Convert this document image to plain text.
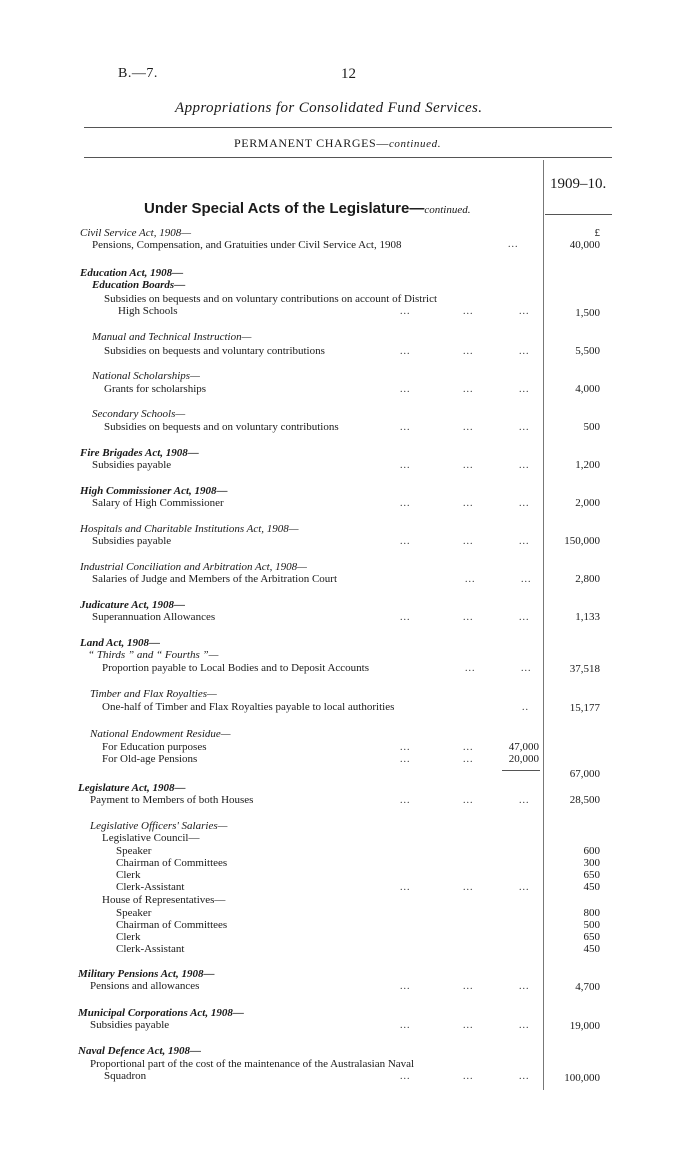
B.—7.	12
Appropriations for Consolidated Fund Services.
PERMANENT CHARGES—continued.
1909–10.
Under Special Acts of the Legislature—continued.
Civil Service Act, 1908—	£
Pensions, Compensation, and Gratuities under Civil Service Act, 1908	...	40,000
Education Act, 1908—
Education Boards—
Subsidies on bequests and on voluntary contributions on account of District
High Schools	...               ...             ...	1,500
Manual and Technical Instruction—
Subsidies on bequests and voluntary contributions	...               ...             ...	5,500
National Scholarships—
Grants for scholarships	...               ...             ...	4,000
Secondary Schools—
Subsidies on bequests and on voluntary contributions	...               ...             ...	500
Fire Brigades Act, 1908—
Subsidies payable	...               ...             ...	1,200
High Commissioner Act, 1908—
Salary of High Commissioner	...               ...             ...	2,000
Hospitals and Charitable Institutions Act, 1908—
Subsidies payable	...               ...             ...	150,000
Industrial Conciliation and Arbitration Act, 1908—
Salaries of Judge and Members of the Arbitration Court	...             ...	2,800
Judicature Act, 1908—
Superannuation Allowances	...               ...             ...	1,133
Land Act, 1908—
“ Thirds ” and “ Fourths ”—
Proportion payable to Local Bodies and to Deposit Accounts	...             ...	37,518
Timber and Flax Royalties—
One-half of Timber and Flax Royalties payable to local authorities	..	15,177
National Endowment Residue—
For Education purposes	...               ...	47,000
For Old-age Pensions	...               ...	20,000
67,000
Legislature Act, 1908—
Payment to Members of both Houses	...               ...             ...	28,500
Legislative Officers' Salaries—
Legislative Council—
Speaker	600
Chairman of Committees	300
Clerk	650
Clerk-Assistant	...               ...             ...	450
House of Representatives—
Speaker	800
Chairman of Committees	500
Clerk	650
Clerk-Assistant	450
Military Pensions Act, 1908—
Pensions and allowances	...               ...             ...	4,700
Municipal Corporations Act, 1908—
Subsidies payable	...               ...             ...	19,000
Naval Defence Act, 1908—
Proportional part of the cost of the maintenance of the Australasian Naval
Squadron	...               ...             ...	100,000
